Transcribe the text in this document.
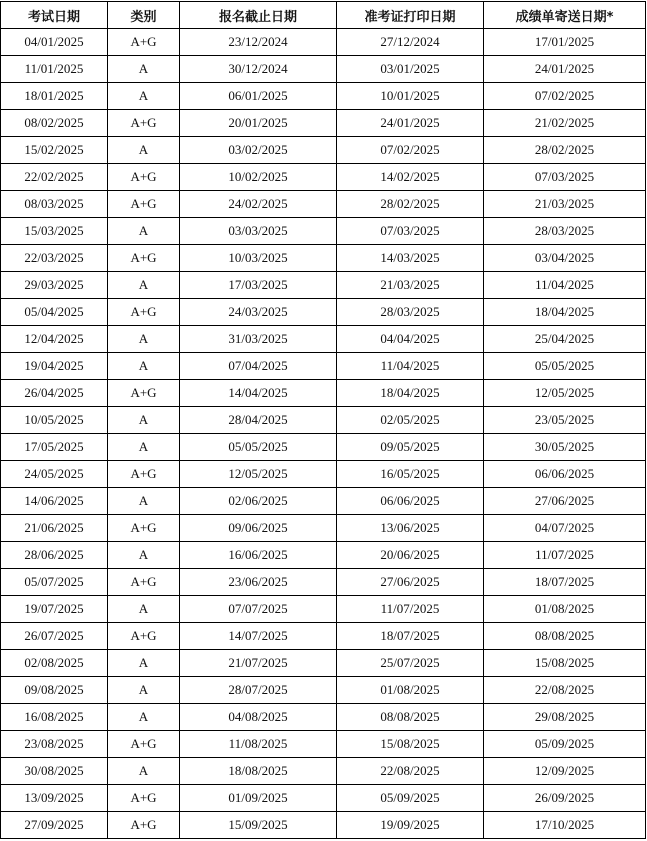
考试日期	类别	报名截止日期	准考证打印日期	成绩单寄送日期*
04/01/2025	A+G	23/12/2024	27/12/2024	17/01/2025
11/01/2025	A	30/12/2024	03/01/2025	24/01/2025
18/01/2025	A	06/01/2025	10/01/2025	07/02/2025
08/02/2025	A+G	20/01/2025	24/01/2025	21/02/2025
15/02/2025	A	03/02/2025	07/02/2025	28/02/2025
22/02/2025	A+G	10/02/2025	14/02/2025	07/03/2025
08/03/2025	A+G	24/02/2025	28/02/2025	21/03/2025
15/03/2025	A	03/03/2025	07/03/2025	28/03/2025
22/03/2025	A+G	10/03/2025	14/03/2025	03/04/2025
29/03/2025	A	17/03/2025	21/03/2025	11/04/2025
05/04/2025	A+G	24/03/2025	28/03/2025	18/04/2025
12/04/2025	A	31/03/2025	04/04/2025	25/04/2025
19/04/2025	A	07/04/2025	11/04/2025	05/05/2025
26/04/2025	A+G	14/04/2025	18/04/2025	12/05/2025
10/05/2025	A	28/04/2025	02/05/2025	23/05/2025
17/05/2025	A	05/05/2025	09/05/2025	30/05/2025
24/05/2025	A+G	12/05/2025	16/05/2025	06/06/2025
14/06/2025	A	02/06/2025	06/06/2025	27/06/2025
21/06/2025	A+G	09/06/2025	13/06/2025	04/07/2025
28/06/2025	A	16/06/2025	20/06/2025	11/07/2025
05/07/2025	A+G	23/06/2025	27/06/2025	18/07/2025
19/07/2025	A	07/07/2025	11/07/2025	01/08/2025
26/07/2025	A+G	14/07/2025	18/07/2025	08/08/2025
02/08/2025	A	21/07/2025	25/07/2025	15/08/2025
09/08/2025	A	28/07/2025	01/08/2025	22/08/2025
16/08/2025	A	04/08/2025	08/08/2025	29/08/2025
23/08/2025	A+G	11/08/2025	15/08/2025	05/09/2025
30/08/2025	A	18/08/2025	22/08/2025	12/09/2025
13/09/2025	A+G	01/09/2025	05/09/2025	26/09/2025
27/09/2025	A+G	15/09/2025	19/09/2025	17/10/2025
